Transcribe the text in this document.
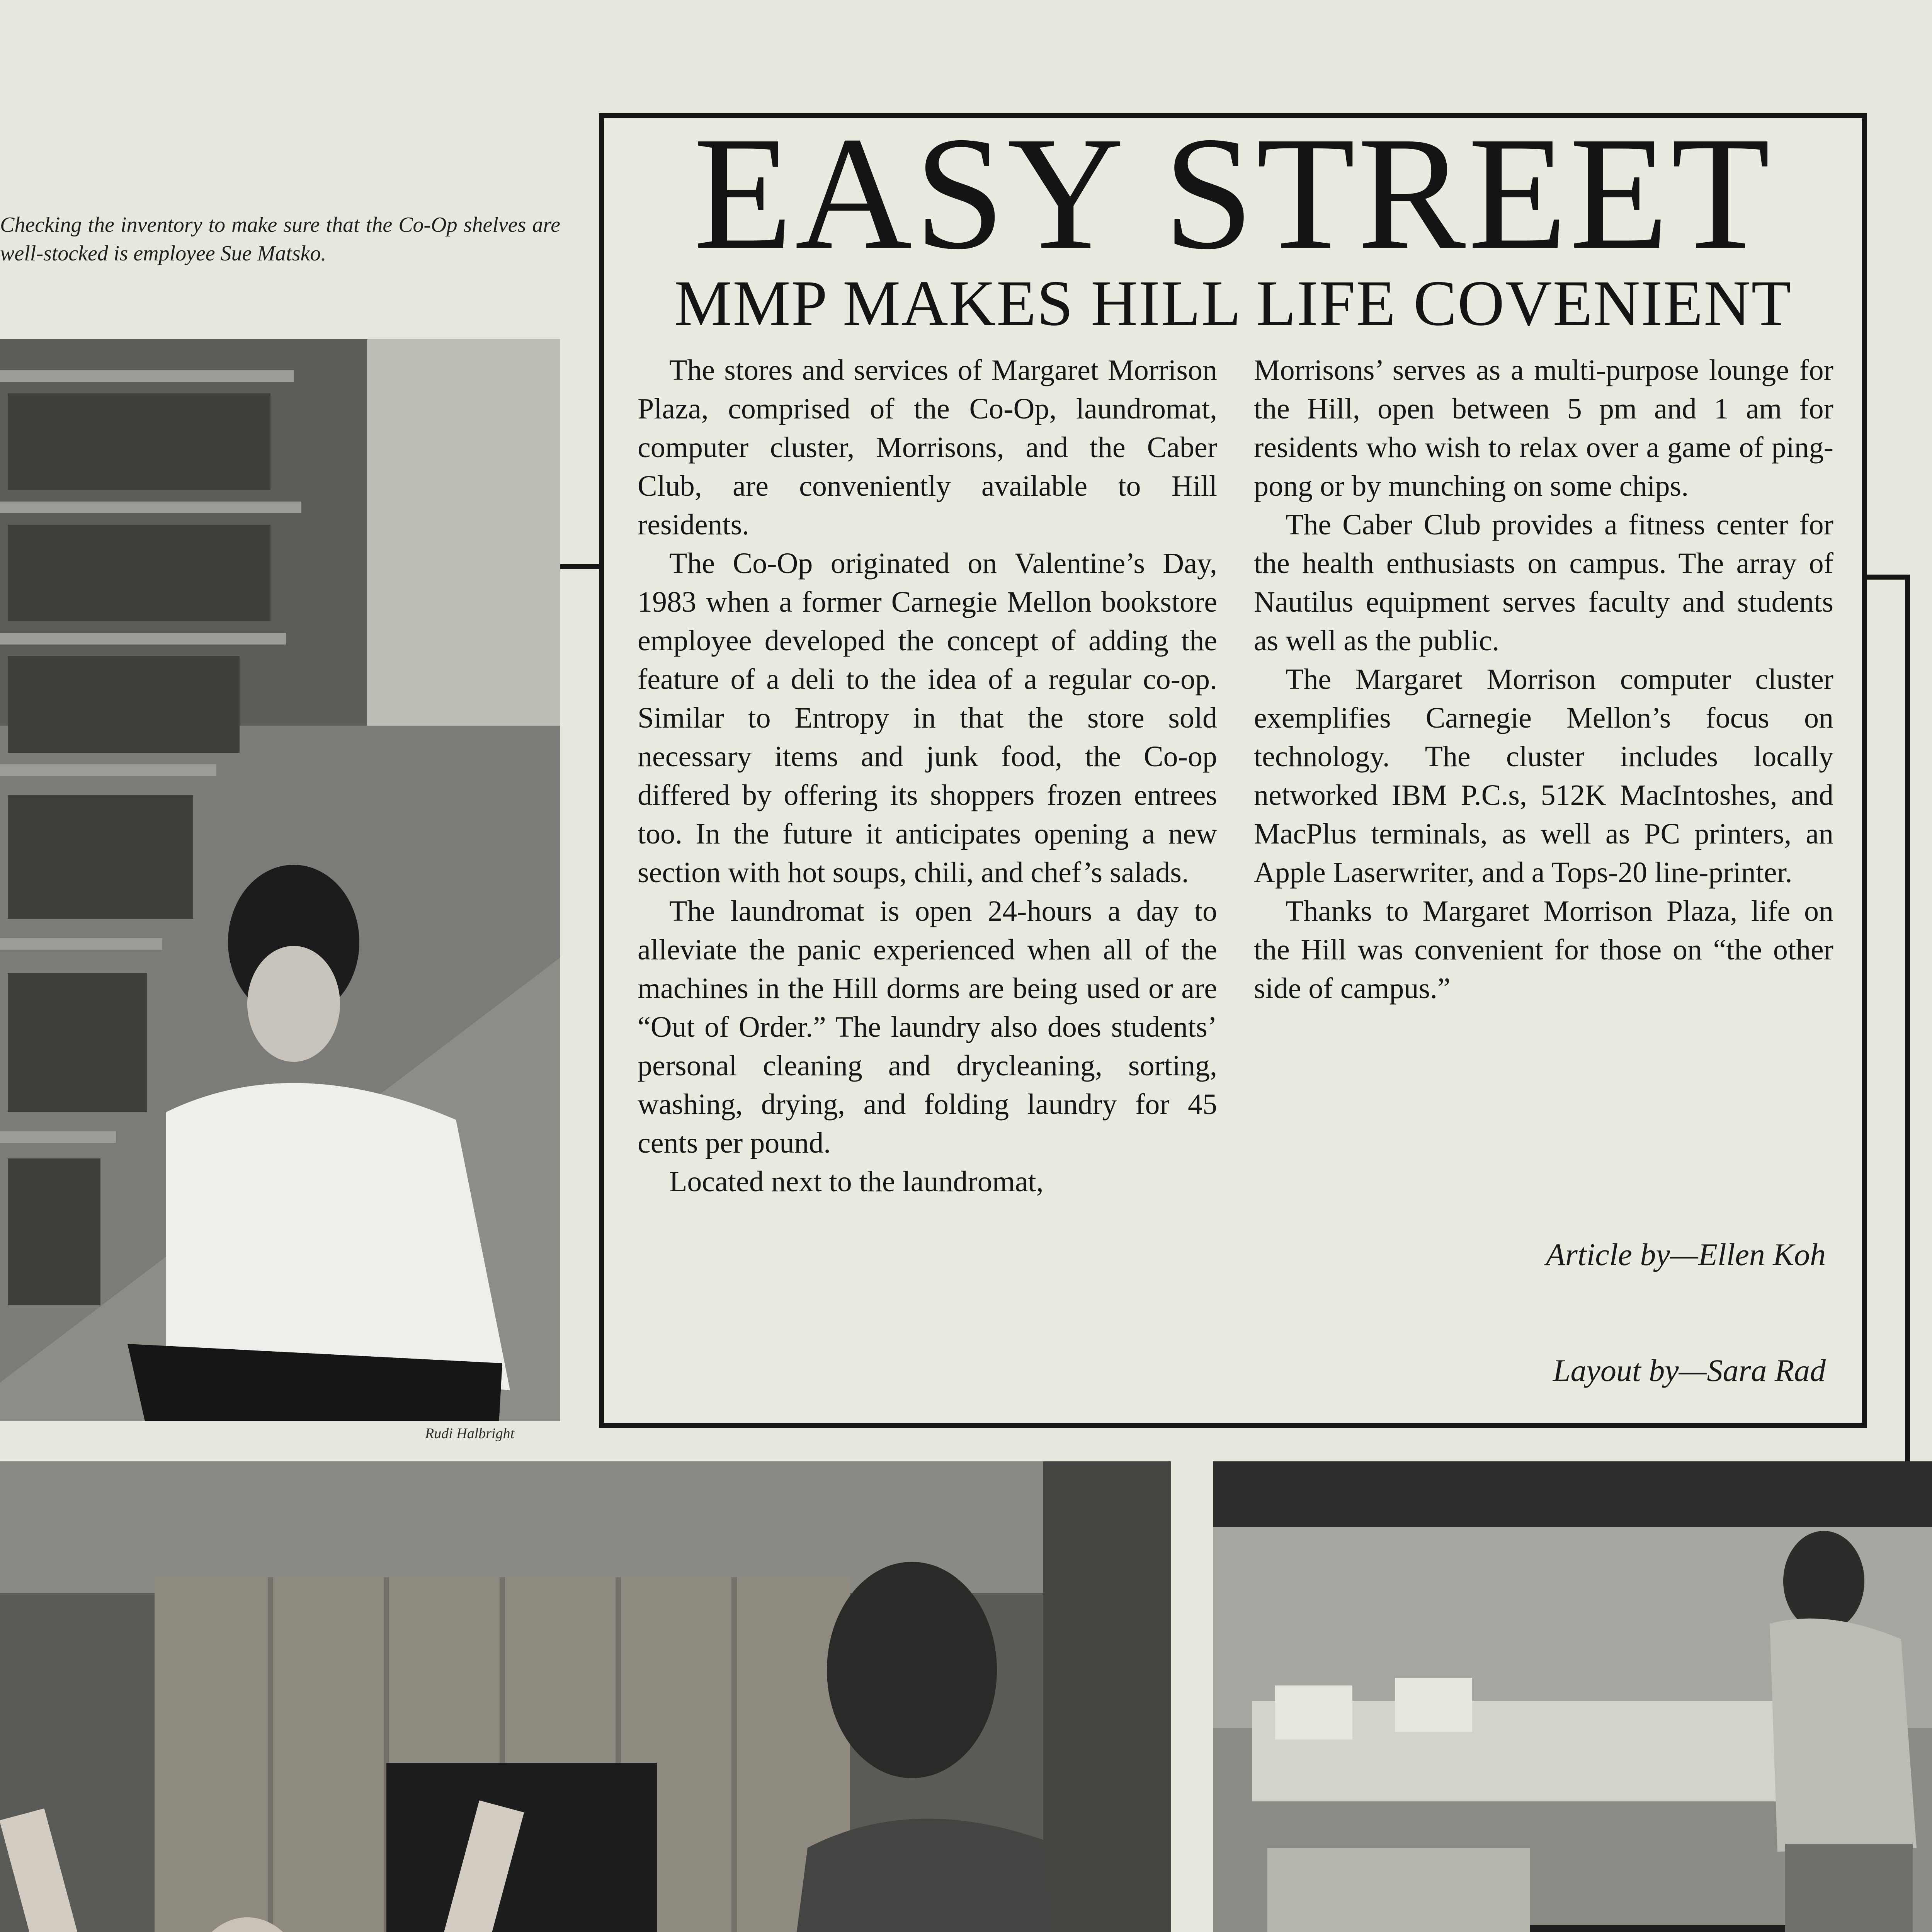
Checking the inventory to make sure that the Co-Op shelves are well-stocked is employee Sue Matsko.
Rudi Halbright
EASY STREET
MMP MAKES HILL LIFE COVENIENT

The stores and services of Margaret Morrison Plaza, comprised of the Co-Op, laundromat, computer cluster, Morrisons, and the Caber Club, are conveniently available to Hill residents.

The Co-Op originated on Valentine’s Day, 1983 when a former Carnegie Mellon bookstore employee developed the concept of adding the feature of a deli to the idea of a regular co-op. Similar to Entropy in that the store sold necessary items and junk food, the Co-op differed by offering its shoppers frozen entrees too. In the future it anticipates opening a new section with hot soups, chili, and chef’s salads.

The laundromat is open 24-hours a day to alleviate the panic experienced when all of the machines in the Hill dorms are being used or are “Out of Order.” The laundry also does students’ personal cleaning and drycleaning, sorting, washing, drying, and folding laundry for 45 cents per pound.

Located next to the laundromat,

Morrisons’ serves as a multi-purpose lounge for the Hill, open between 5 pm and 1 am for residents who wish to relax over a game of ping-pong or by munching on some chips.

The Caber Club provides a fitness center for the health enthusiasts on campus. The array of Nautilus equipment serves faculty and students as well as the public.

The Margaret Morrison computer cluster exemplifies Carnegie Mellon’s focus on technology. The cluster includes locally networked IBM P.C.s, 512K MacIntoshes, and MacPlus terminals, as well as PC printers, an Apple Laserwriter, and a Tops-20 line-printer.

Thanks to Margaret Morrison Plaza, life on the Hill was convenient for those on “the other side of campus.”

Article by—Ellen Koh
Layout by—Sara Rad
